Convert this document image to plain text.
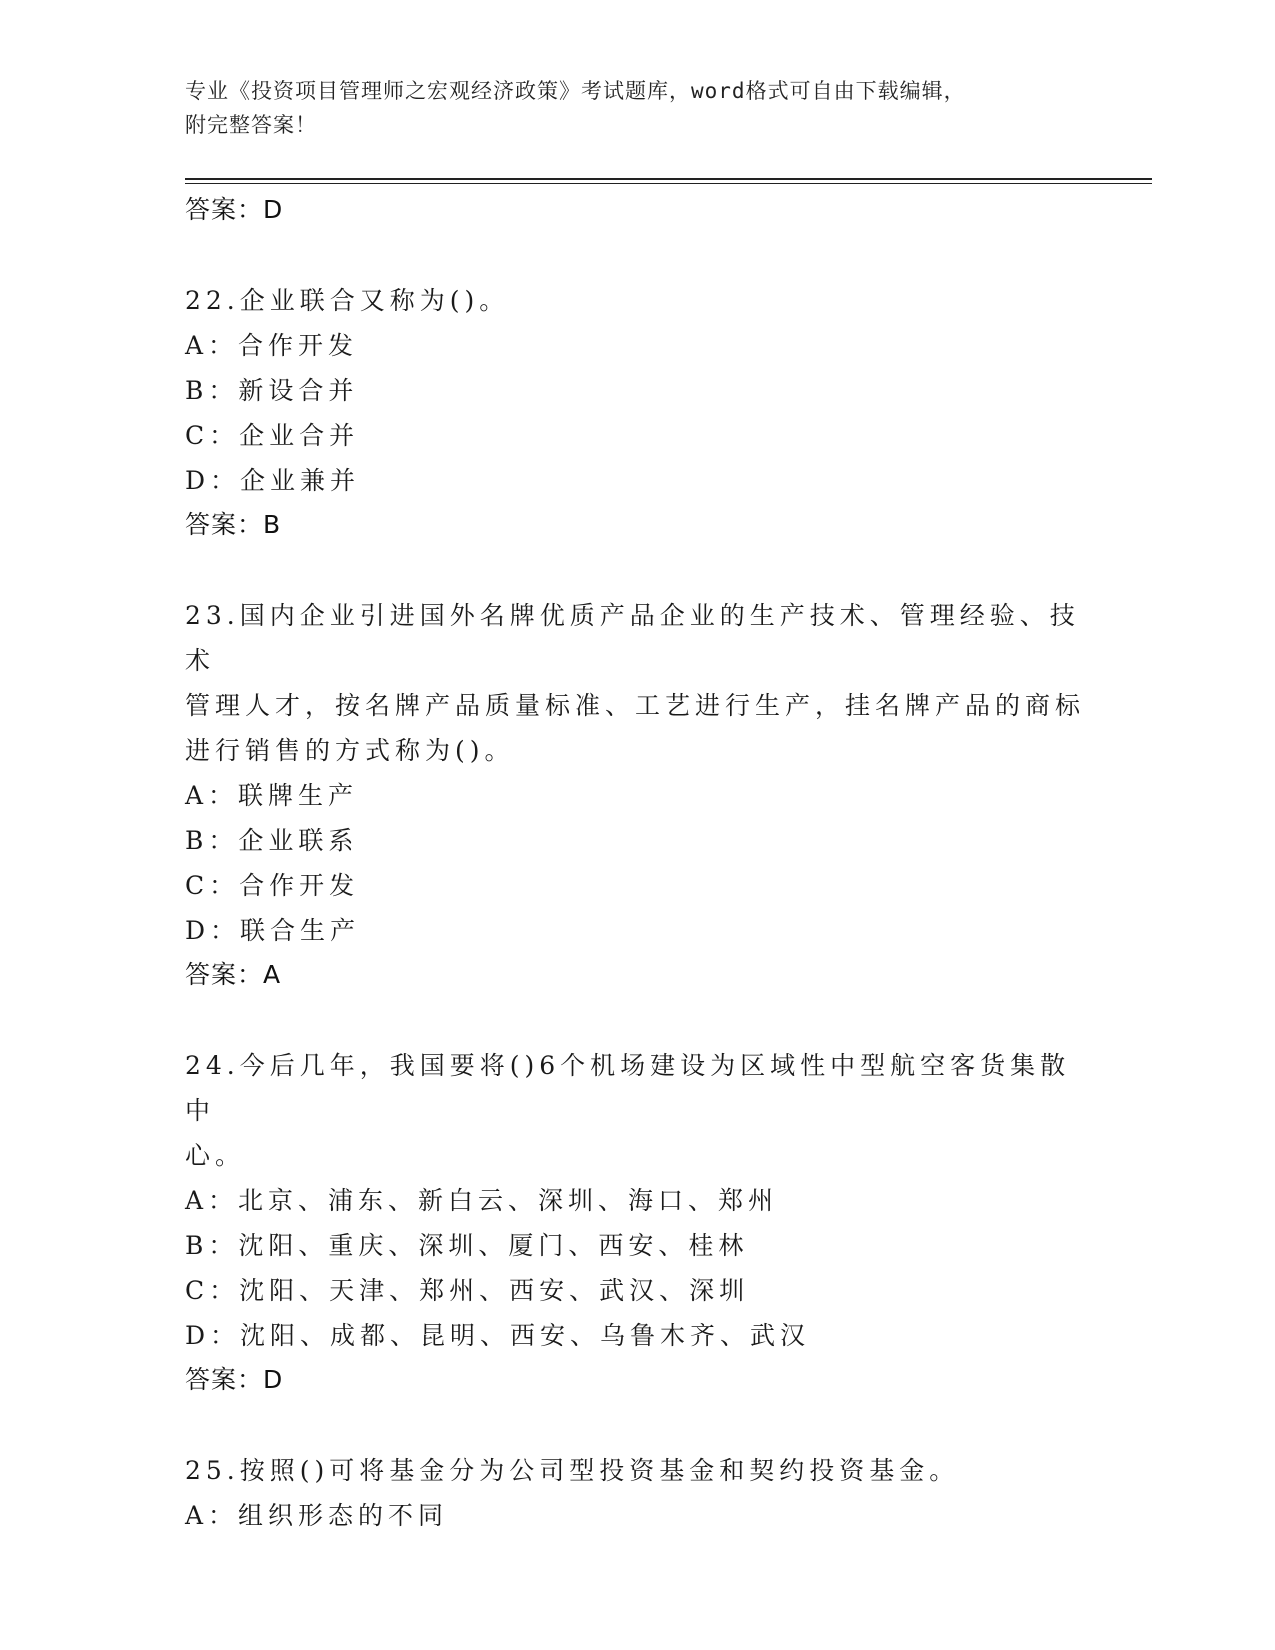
专业《投资项目管理师之宏观经济政策》考试题库，word格式可自由下载编辑，
附完整答案！
答案：D
22.企业联合又称为()。
A：合作开发
B：新设合并
C：企业合并
D：企业兼并
答案：B
23.国内企业引进国外名牌优质产品企业的生产技术、管理经验、技术
管理人才，按名牌产品质量标准、工艺进行生产，挂名牌产品的商标
进行销售的方式称为()。
A：联牌生产
B：企业联系
C：合作开发
D：联合生产
答案：A
24.今后几年，我国要将()6个机场建设为区域性中型航空客货集散中
心。
A：北京、浦东、新白云、深圳、海口、郑州
B：沈阳、重庆、深圳、厦门、西安、桂林
C：沈阳、天津、郑州、西安、武汉、深圳
D：沈阳、成都、昆明、西安、乌鲁木齐、武汉
答案：D
25.按照()可将基金分为公司型投资基金和契约投资基金。
A：组织形态的不同
